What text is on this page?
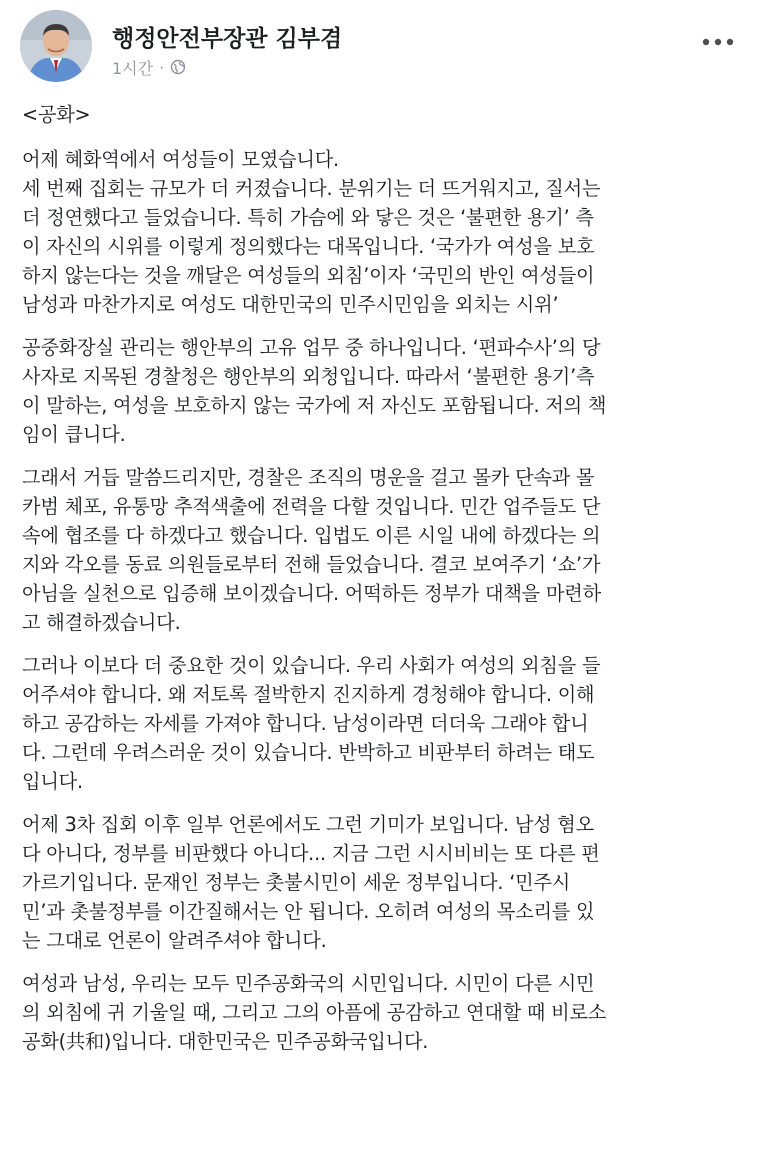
행정안전부장관 김부겸
1시간 ·

<공화>

어제 혜화역에서 여성들이 모였습니다.
세 번째 집회는 규모가 더 커졌습니다. 분위기는 더 뜨거워지고, 질서는
더 정연했다고 들었습니다. 특히 가슴에 와 닿은 것은 ‘불편한 용기’ 측
이 자신의 시위를 이렇게 정의했다는 대목입니다. ‘국가가 여성을 보호
하지 않는다는 것을 깨달은 여성들의 외침’이자 ‘국민의 반인 여성들이
남성과 마찬가지로 여성도 대한민국의 민주시민임을 외치는 시위’

공중화장실 관리는 행안부의 고유 업무 중 하나입니다. ‘편파수사’의 당
사자로 지목된 경찰청은 행안부의 외청입니다. 따라서 ‘불편한 용기’측
이 말하는, 여성을 보호하지 않는 국가에 저 자신도 포함됩니다. 저의 책
임이 큽니다.

그래서 거듭 말씀드리지만, 경찰은 조직의 명운을 걸고 몰카 단속과 몰
카범 체포, 유통망 추적색출에 전력을 다할 것입니다. 민간 업주들도 단
속에 협조를 다 하겠다고 했습니다. 입법도 이른 시일 내에 하겠다는 의
지와 각오를 동료 의원들로부터 전해 들었습니다. 결코 보여주기 ‘쇼’가
아님을 실천으로 입증해 보이겠습니다. 어떡하든 정부가 대책을 마련하
고 해결하겠습니다.

그러나 이보다 더 중요한 것이 있습니다. 우리 사회가 여성의 외침을 들
어주셔야 합니다. 왜 저토록 절박한지 진지하게 경청해야 합니다. 이해
하고 공감하는 자세를 가져야 합니다. 남성이라면 더더욱 그래야 합니
다. 그런데 우려스러운 것이 있습니다. 반박하고 비판부터 하려는 태도
입니다.

어제 3차 집회 이후 일부 언론에서도 그런 기미가 보입니다. 남성 혐오
다 아니다, 정부를 비판했다 아니다... 지금 그런 시시비비는 또 다른 편
가르기입니다. 문재인 정부는 촛불시민이 세운 정부입니다. ‘민주시
민’과 촛불정부를 이간질해서는 안 됩니다. 오히려 여성의 목소리를 있
는 그대로 언론이 알려주셔야 합니다.

여성과 남성, 우리는 모두 민주공화국의 시민입니다. 시민이 다른 시민
의 외침에 귀 기울일 때, 그리고 그의 아픔에 공감하고 연대할 때 비로소
공화(共和)입니다. 대한민국은 민주공화국입니다.
